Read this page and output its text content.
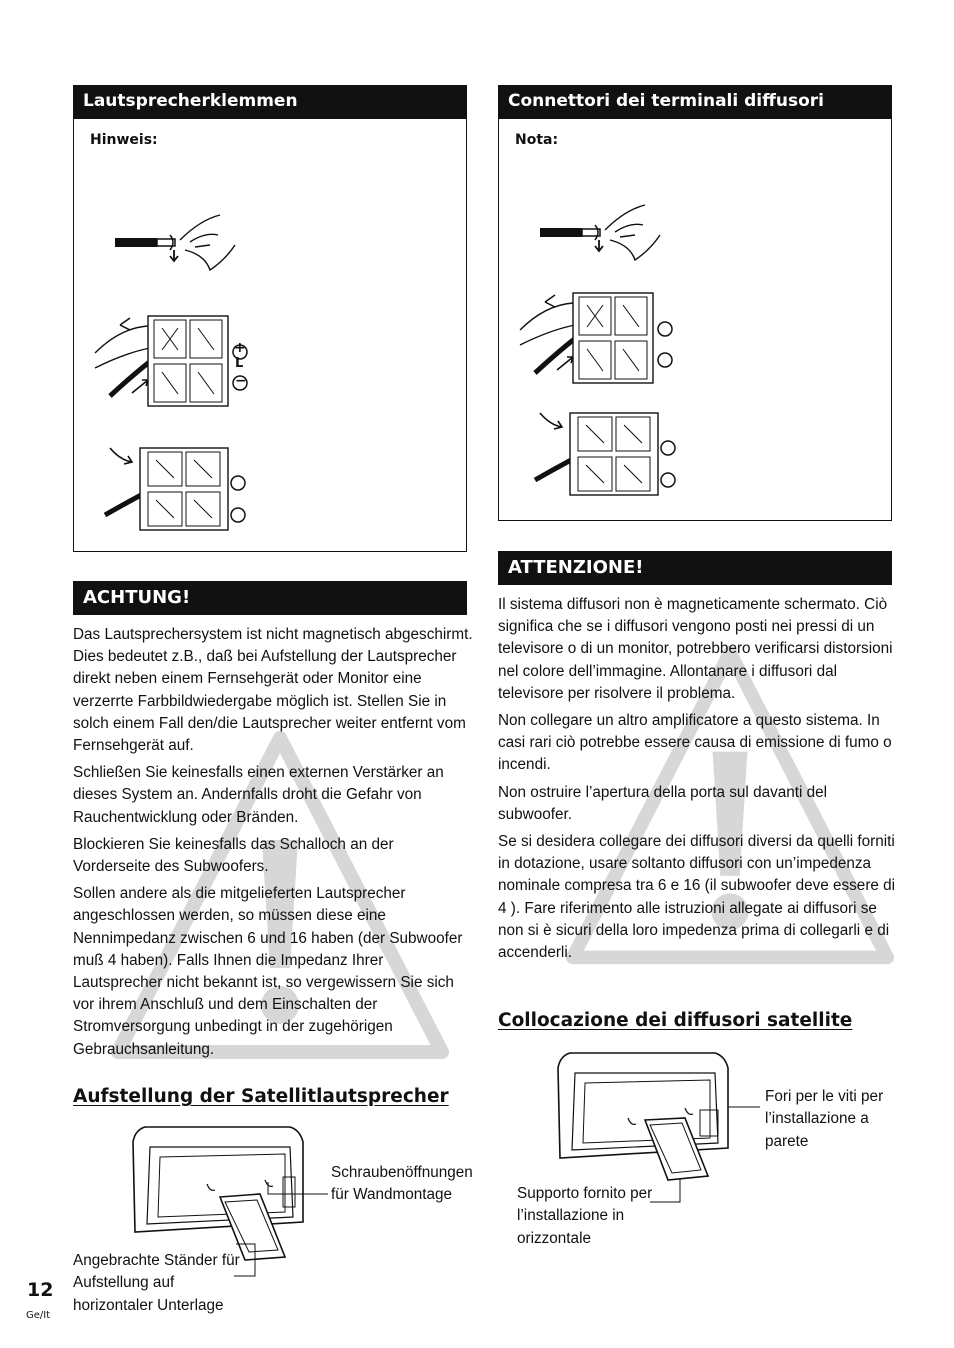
Lautsprecherklemmen
Hinweis:
+
L
−
ACHTUNG!

Das Lautsprechersystem ist nicht magnetisch abgeschirmt. Dies bedeutet z.B., daß bei Aufstellung der Lautsprecher direkt neben einem Fernsehgerät oder Monitor eine verzerrte Farbbildwiedergabe möglich ist. Stellen Sie in solch einem Fall den/die Lautsprecher weiter entfernt vom Fernsehgerät auf.

Schließen Sie keinesfalls einen externen Verstärker an dieses System an. Andernfalls droht die Gefahr von Rauchentwicklung oder Bränden.

Blockieren Sie keinesfalls das Schalloch an der Vorderseite des Subwoofers.

Sollen andere als die mitgelieferten Lautsprecher angeschlossen werden, so müssen diese eine Nennimpedanz zwischen 6 und 16 haben (der Subwoofer muß 4 haben). Falls Ihnen die Impedanz Ihrer Lautsprecher nicht bekannt ist, so vergewissern Sie sich vor ihrem Anschluß und dem Einschalten der Stromversorgung unbedingt in der zugehörigen Gebrauchsanleitung.

Aufstellung der Satellitlautsprecher
Schraubenöffnungen für Wandmontage
Angebrachte Ständer für Aufstellung auf horizontaler Unterlage
12
Ge/It
Connettori dei terminali diffusori
Nota:
ATTENZIONE!

Il sistema diffusori non è magneticamente schermato. Ciò significa che se i diffusori vengono posti nei pressi di un televisore o di un monitor, potrebbero verificarsi distorsioni nel colore dell’immagine. Allontanare i diffusori dal televisore per risolvere il problema.

Non collegare un altro amplificatore a questo sistema. In casi rari ciò potrebbe essere causa di emissione di fumo o incendi.

Non ostruire l’apertura della porta sul davanti del subwoofer.

Se si desidera collegare dei diffusori diversi da quelli forniti in dotazione, usare soltanto diffusori con un’impedenza nominale compresa tra 6 e 16 (il subwoofer deve essere di 4 ). Fare riferimento alle istruzioni allegate ai diffusori se non si è sicuri della loro impedenza prima di collegarli e di accenderli.

Collocazione dei diffusori satellite
Fori per le viti per l’installazione a parete
Supporto fornito per l’installazione in orizzontale
